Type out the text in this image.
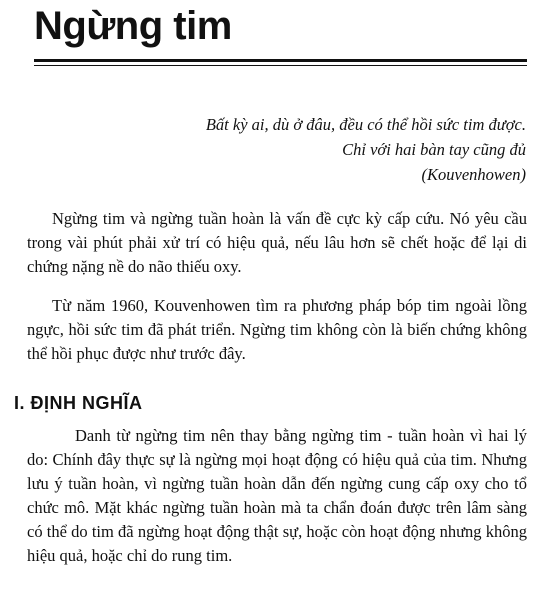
Ngừng tim
Bất kỳ ai, dù ở đâu, đều có thể hồi sức tim được.
Chỉ với hai bàn tay cũng đủ
(Kouvenhowen)

Ngừng tim và ngừng tuần hoàn là vấn đề cực kỳ cấp cứu. Nó yêu cầu trong vài phút phải xử trí có hiệu quả, nếu lâu hơn sẽ chết hoặc để lại di chứng nặng nề do não thiếu oxy.

Từ năm 1960, Kouvenhowen tìm ra phương pháp bóp tim ngoài lồng ngực, hồi sức tim đã phát triển. Ngừng tim không còn là biến chứng không thể hồi phục được như trước đây.

I. ĐỊNH NGHĨA

Danh từ ngừng tim nên thay bằng ngừng tim - tuần hoàn vì hai lý do: Chính đây thực sự là ngừng mọi hoạt động có hiệu quả của tim. Nhưng lưu ý tuần hoàn, vì ngừng tuần hoàn dẫn đến ngừng cung cấp oxy cho tổ chức mô. Mặt khác ngừng tuần hoàn mà ta chẩn đoán được trên lâm sàng có thể do tim đã ngừng hoạt động thật sự, hoặc còn hoạt động nhưng không hiệu quả, hoặc chỉ do rung tim.
